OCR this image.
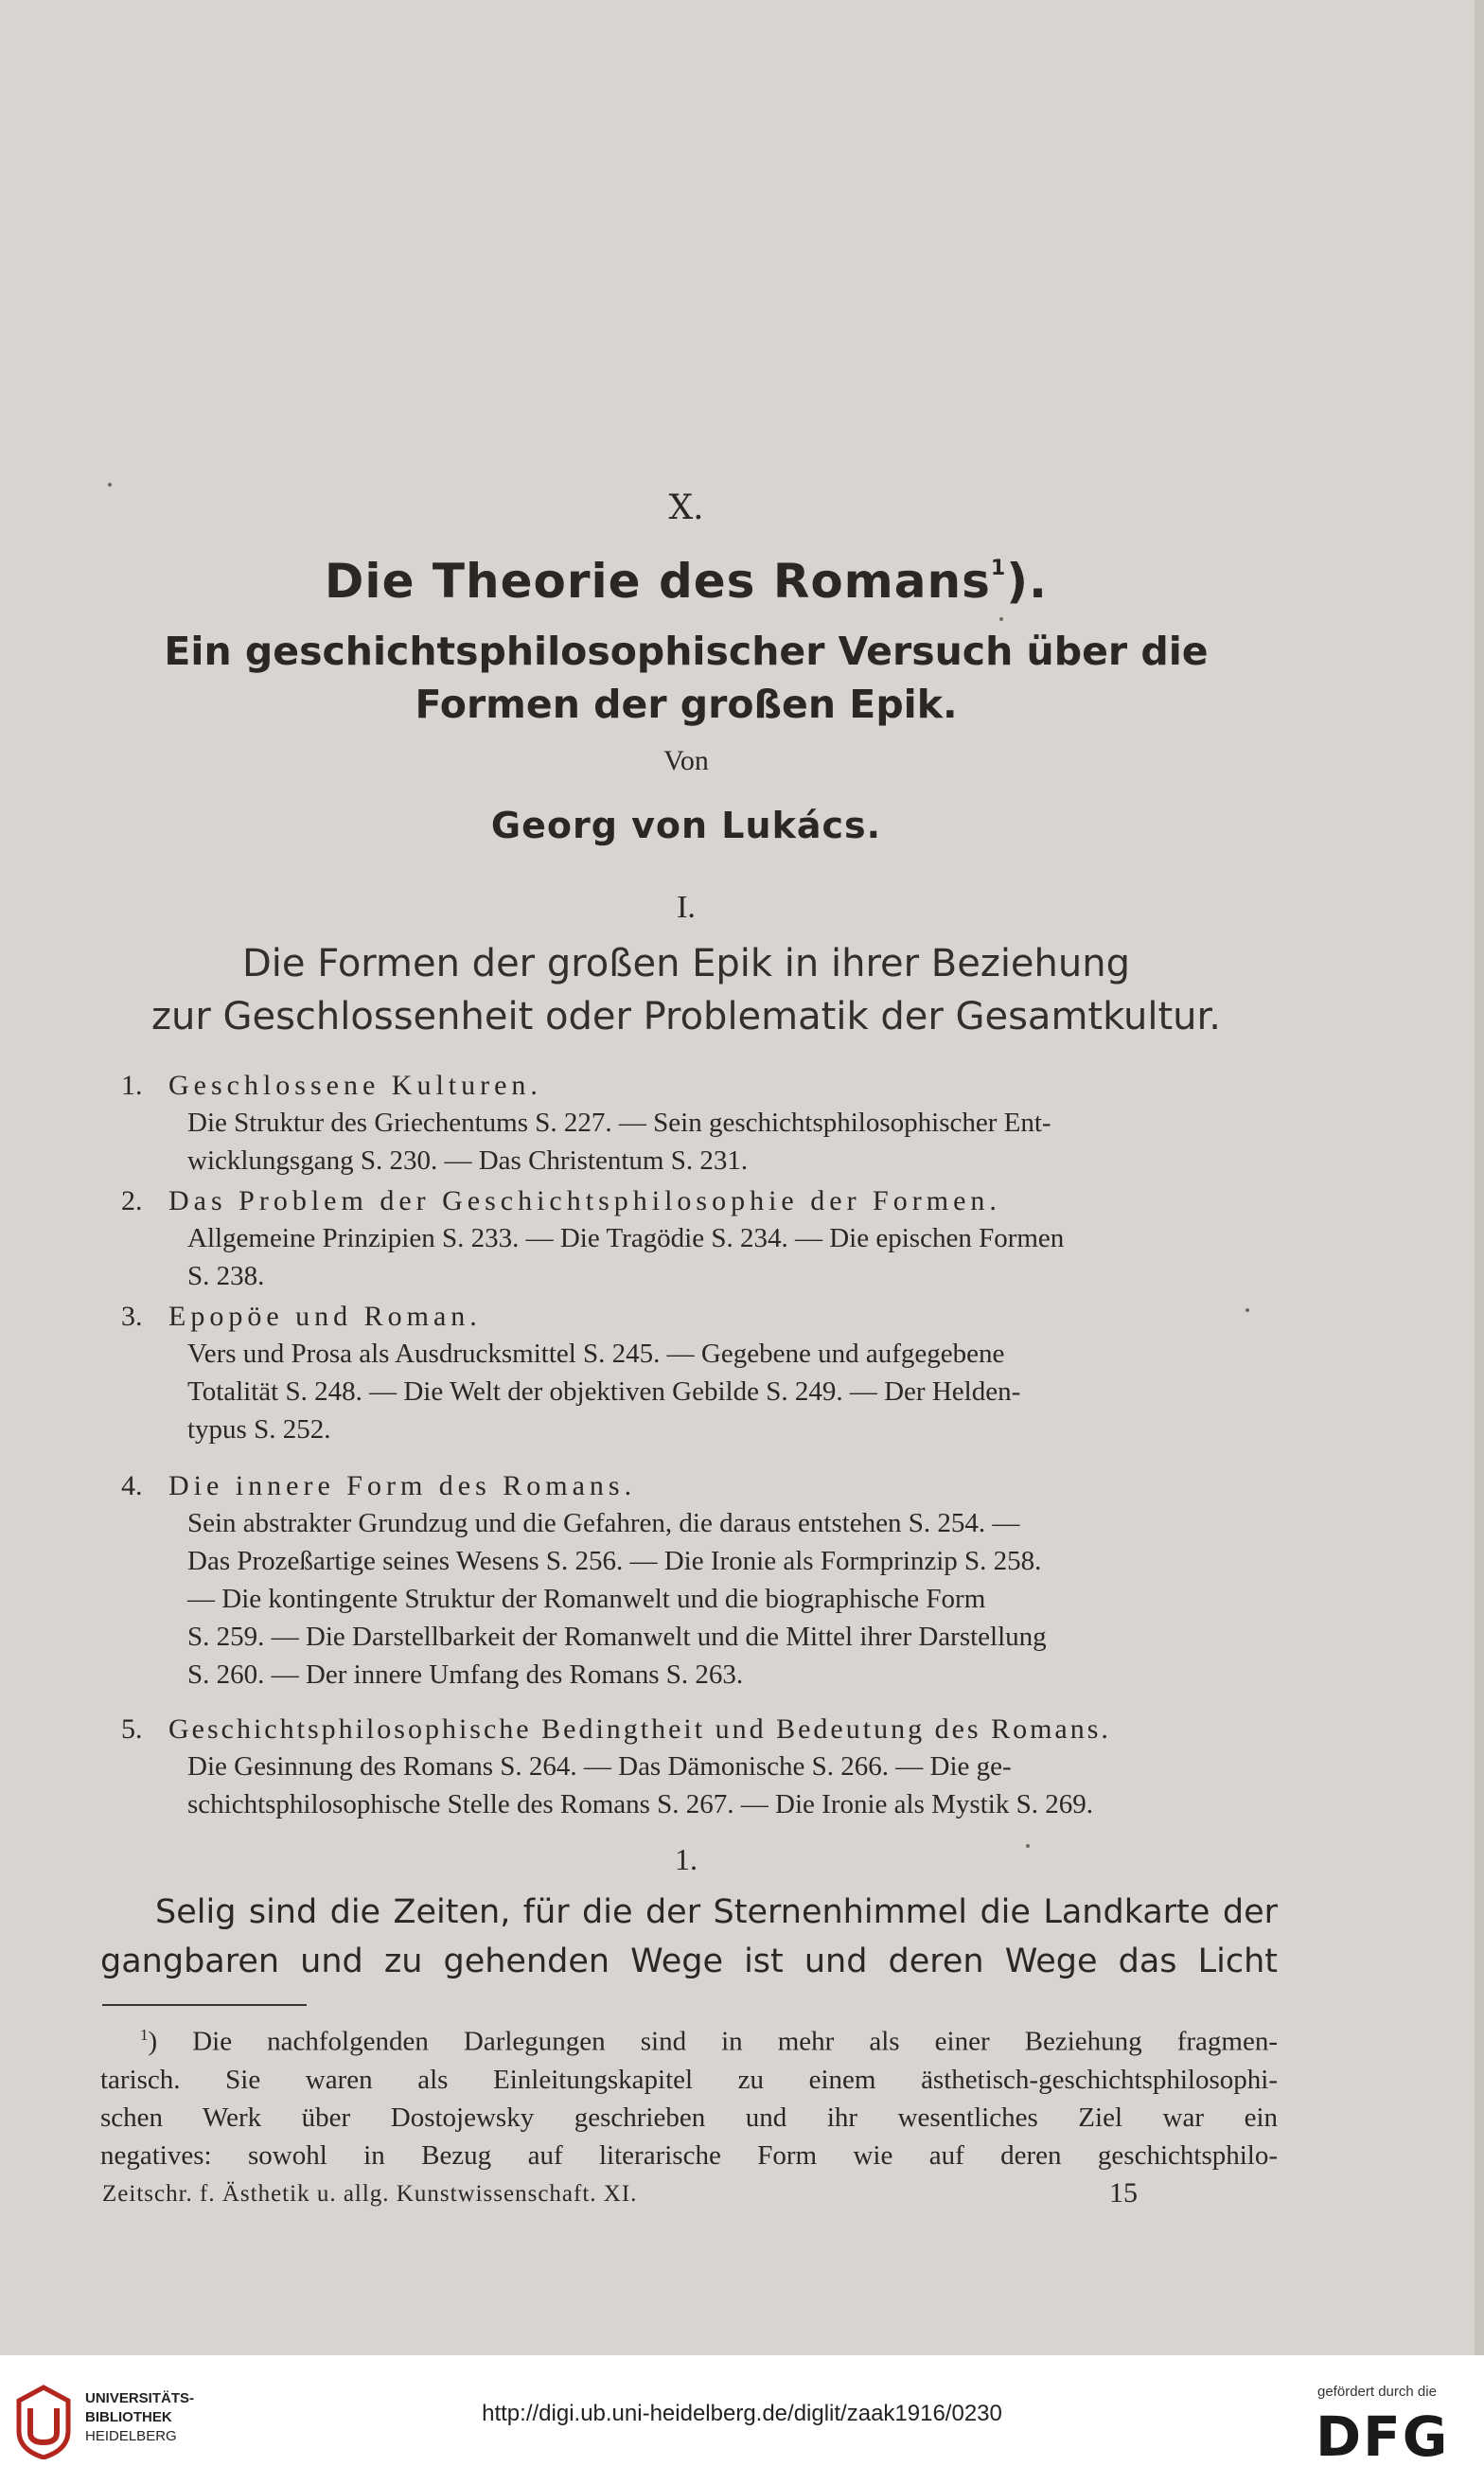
X.
Die Theorie des Romans$^1$).
Ein geschichtsphilosophischer Versuch über die
Formen der großen Epik.
Von
Georg von Lukács.
I.
Die Formen der großen Epik in ihrer Beziehung
zur Geschlossenheit oder Problematik der Gesamtkultur.
1. Geschlossene Kulturen.
Die Struktur des Griechentums S. 227. — Sein geschichtsphilosophischer Ent-
wicklungsgang S. 230. — Das Christentum S. 231.
2. Das Problem der Geschichtsphilosophie der Formen.
Allgemeine Prinzipien S. 233. — Die Tragödie S. 234. — Die epischen Formen
S. 238.
3. Epopöe und Roman.
Vers und Prosa als Ausdrucksmittel S. 245. — Gegebene und aufgegebene
Totalität S. 248. — Die Welt der objektiven Gebilde S. 249. — Der Helden-
typus S. 252.
4. Die innere Form des Romans.
Sein abstrakter Grundzug und die Gefahren, die daraus entstehen S. 254. —
Das Prozeßartige seines Wesens S. 256. — Die Ironie als Formprinzip S. 258.
— Die kontingente Struktur der Romanwelt und die biographische Form
S. 259. — Die Darstellbarkeit der Romanwelt und die Mittel ihrer Darstellung
S. 260. — Der innere Umfang des Romans S. 263.
5. Geschichtsphilosophische Bedingtheit und Bedeutung des Romans.
Die Gesinnung des Romans S. 264. — Das Dämonische S. 266. — Die ge-
schichtsphilosophische Stelle des Romans S. 267. — Die Ironie als Mystik S. 269.
1.
Selig sind die Zeiten, für die der Sternenhimmel die Landkarte der
gangbaren und zu gehenden Wege ist und deren Wege das Licht
$^1$) Die nachfolgenden Darlegungen sind in mehr als einer Beziehung fragmen-
tarisch. Sie waren als Einleitungskapitel zu einem ästhetisch-geschichtsphilosophi-
schen Werk über Dostojewsky geschrieben und ihr wesentliches Ziel war ein
negatives: sowohl in Bezug auf literarische Form wie auf deren geschichtsphilo-
Zeitschr. f. Ästhetik u. allg. Kunstwissenschaft. XI.	15
UNIVERSITÄTS-
BIBLIOTHEK
HEIDELBERG
http://digi.ub.uni-heidelberg.de/diglit/zaak1916/0230
gefördert durch die
DFG
